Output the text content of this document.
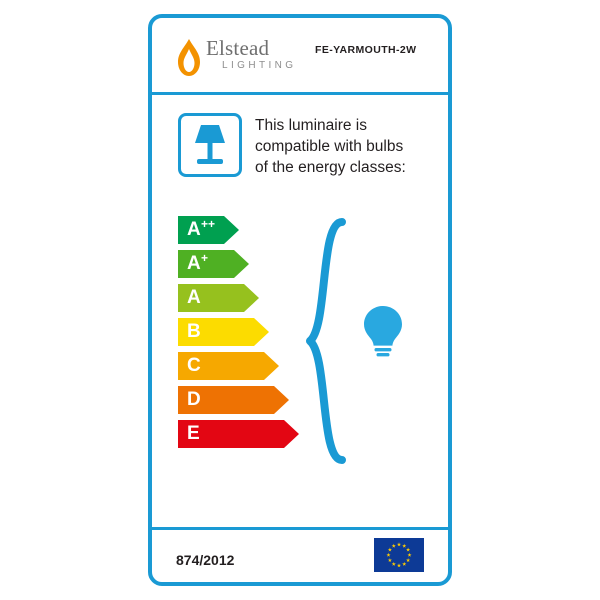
Elstead
LIGHTING
FE-YARMOUTH-2W
This luminaire is
compatible with bulbs
of the energy classes:
A ++
A +
A
B
C
D
E
874/2012
